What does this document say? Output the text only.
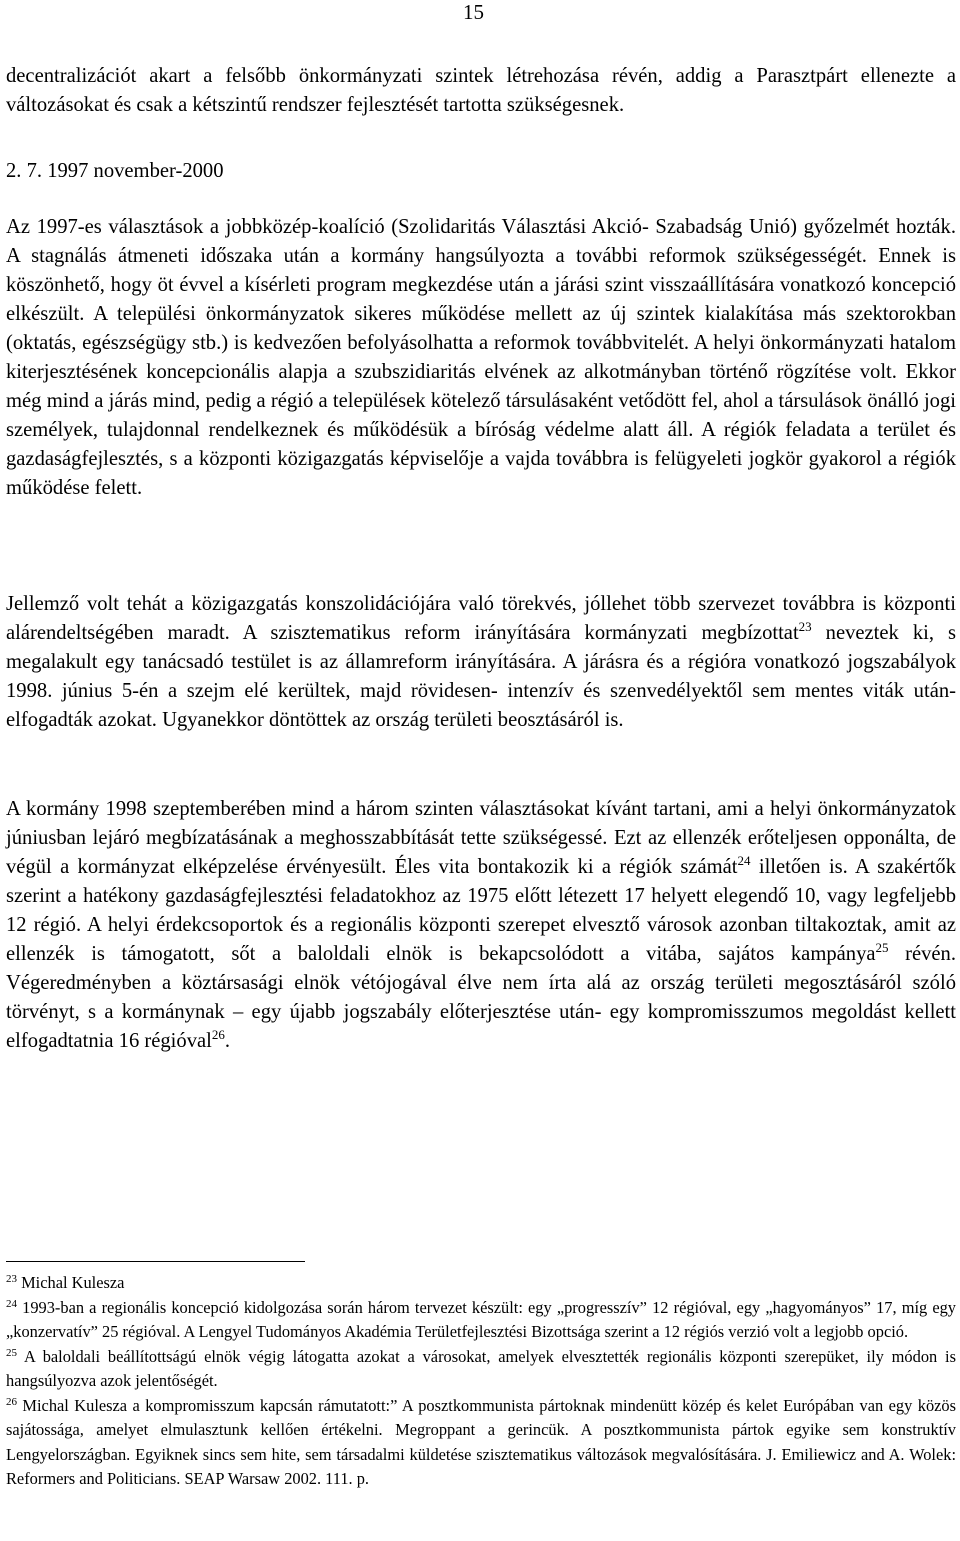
15

decentralizációt akart a felsőbb önkormányzati szintek létrehozása révén, addig a Parasztpárt ellenezte a változásokat és csak a kétszintű rendszer fejlesztését tartotta szükségesnek.

2. 7. 1997 november-2000

Az 1997-es választások a jobbközép-koalíció (Szolidaritás Választási Akció- Szabadság Unió) győzelmét hozták. A stagnálás átmeneti időszaka után a kormány hangsúlyozta a további reformok szükségességét. Ennek is köszönhető, hogy öt évvel a kísérleti program megkezdése után a járási szint visszaállítására vonatkozó koncepció elkészült. A települési önkormányzatok sikeres működése mellett az új szintek kialakítása más szektorokban (oktatás, egészségügy stb.) is kedvezően befolyásolhatta a reformok továbbvitelét. A helyi önkormányzati hatalom kiterjesztésének koncepcionális alapja a szubszidiaritás elvének az alkotmányban történő rögzítése volt. Ekkor még mind a járás mind, pedig a régió a települések kötelező társulásaként vetődött fel, ahol a társulások önálló jogi személyek, tulajdonnal rendelkeznek és működésük a bíróság védelme alatt áll. A régiók feladata a terület és gazdaságfejlesztés, s a központi közigazgatás képviselője a vajda továbbra is felügyeleti jogkör gyakorol a régiók működése felett.

Jellemző volt tehát a közigazgatás konszolidációjára való törekvés, jóllehet több szervezet továbbra is központi alárendeltségében maradt. A szisztematikus reform irányítására kormányzati megbízottat$^{23}$ neveztek ki, s megalakult egy tanácsadó testület is az államreform irányítására. A járásra és a régióra vonatkozó jogszabályok 1998. június 5-én a szejm elé kerültek, majd rövidesen- intenzív és szenvedélyektől sem mentes viták után- elfogadták azokat. Ugyanekkor döntöttek az ország területi beosztásáról is.

A kormány 1998 szeptemberében mind a három szinten választásokat kívánt tartani, ami a helyi önkormányzatok júniusban lejáró megbízatásának a meghosszabbítását tette szükségessé. Ezt az ellenzék erőteljesen opponálta, de végül a kormányzat elképzelése érvényesült. Éles vita bontakozik ki a régiók számát$^{24}$ illetően is. A szakértők szerint a hatékony gazdaságfejlesztési feladatokhoz az 1975 előtt létezett 17 helyett elegendő 10, vagy legfeljebb 12 régió. A helyi érdekcsoportok és a regionális központi szerepet elvesztő városok azonban tiltakoztak, amit az ellenzék is támogatott, sőt a baloldali elnök is bekapcsolódott a vitába, sajátos kampánya$^{25}$ révén. Végeredményben a köztársasági elnök vétójogával élve nem írta alá az ország területi megosztásáról szóló törvényt, s a kormánynak – egy újabb jogszabály előterjesztése után- egy kompromisszumos megoldást kellett elfogadtatnia 16 régióval$^{26}$.

$^{23}$ Michal Kulesza

$^{24}$ 1993-ban a regionális koncepció kidolgozása során három tervezet készült: egy „progresszív” 12 régióval, egy „hagyományos” 17, míg egy „konzervatív” 25 régióval. A Lengyel Tudományos Akadémia Területfejlesztési Bizottsága szerint a 12 régiós verzió volt a legjobb opció.

$^{25}$ A baloldali beállítottságú elnök végig látogatta azokat a városokat, amelyek elvesztették regionális központi szerepüket, ily módon is hangsúlyozva azok jelentőségét.

$^{26}$ Michal Kulesza a kompromisszum kapcsán rámutatott:” A posztkommunista pártoknak mindenütt közép és kelet Európában van egy közös sajátossága, amelyet elmulasztunk kellően értékelni. Megroppant a gerincük. A posztkommunista pártok egyike sem konstruktív Lengyelországban. Egyiknek sincs sem hite, sem társadalmi küldetése szisztematikus változások megvalósítására. J. Emiliewicz and A. Wolek: Reformers and Politicians. SEAP Warsaw 2002. 111. p.
